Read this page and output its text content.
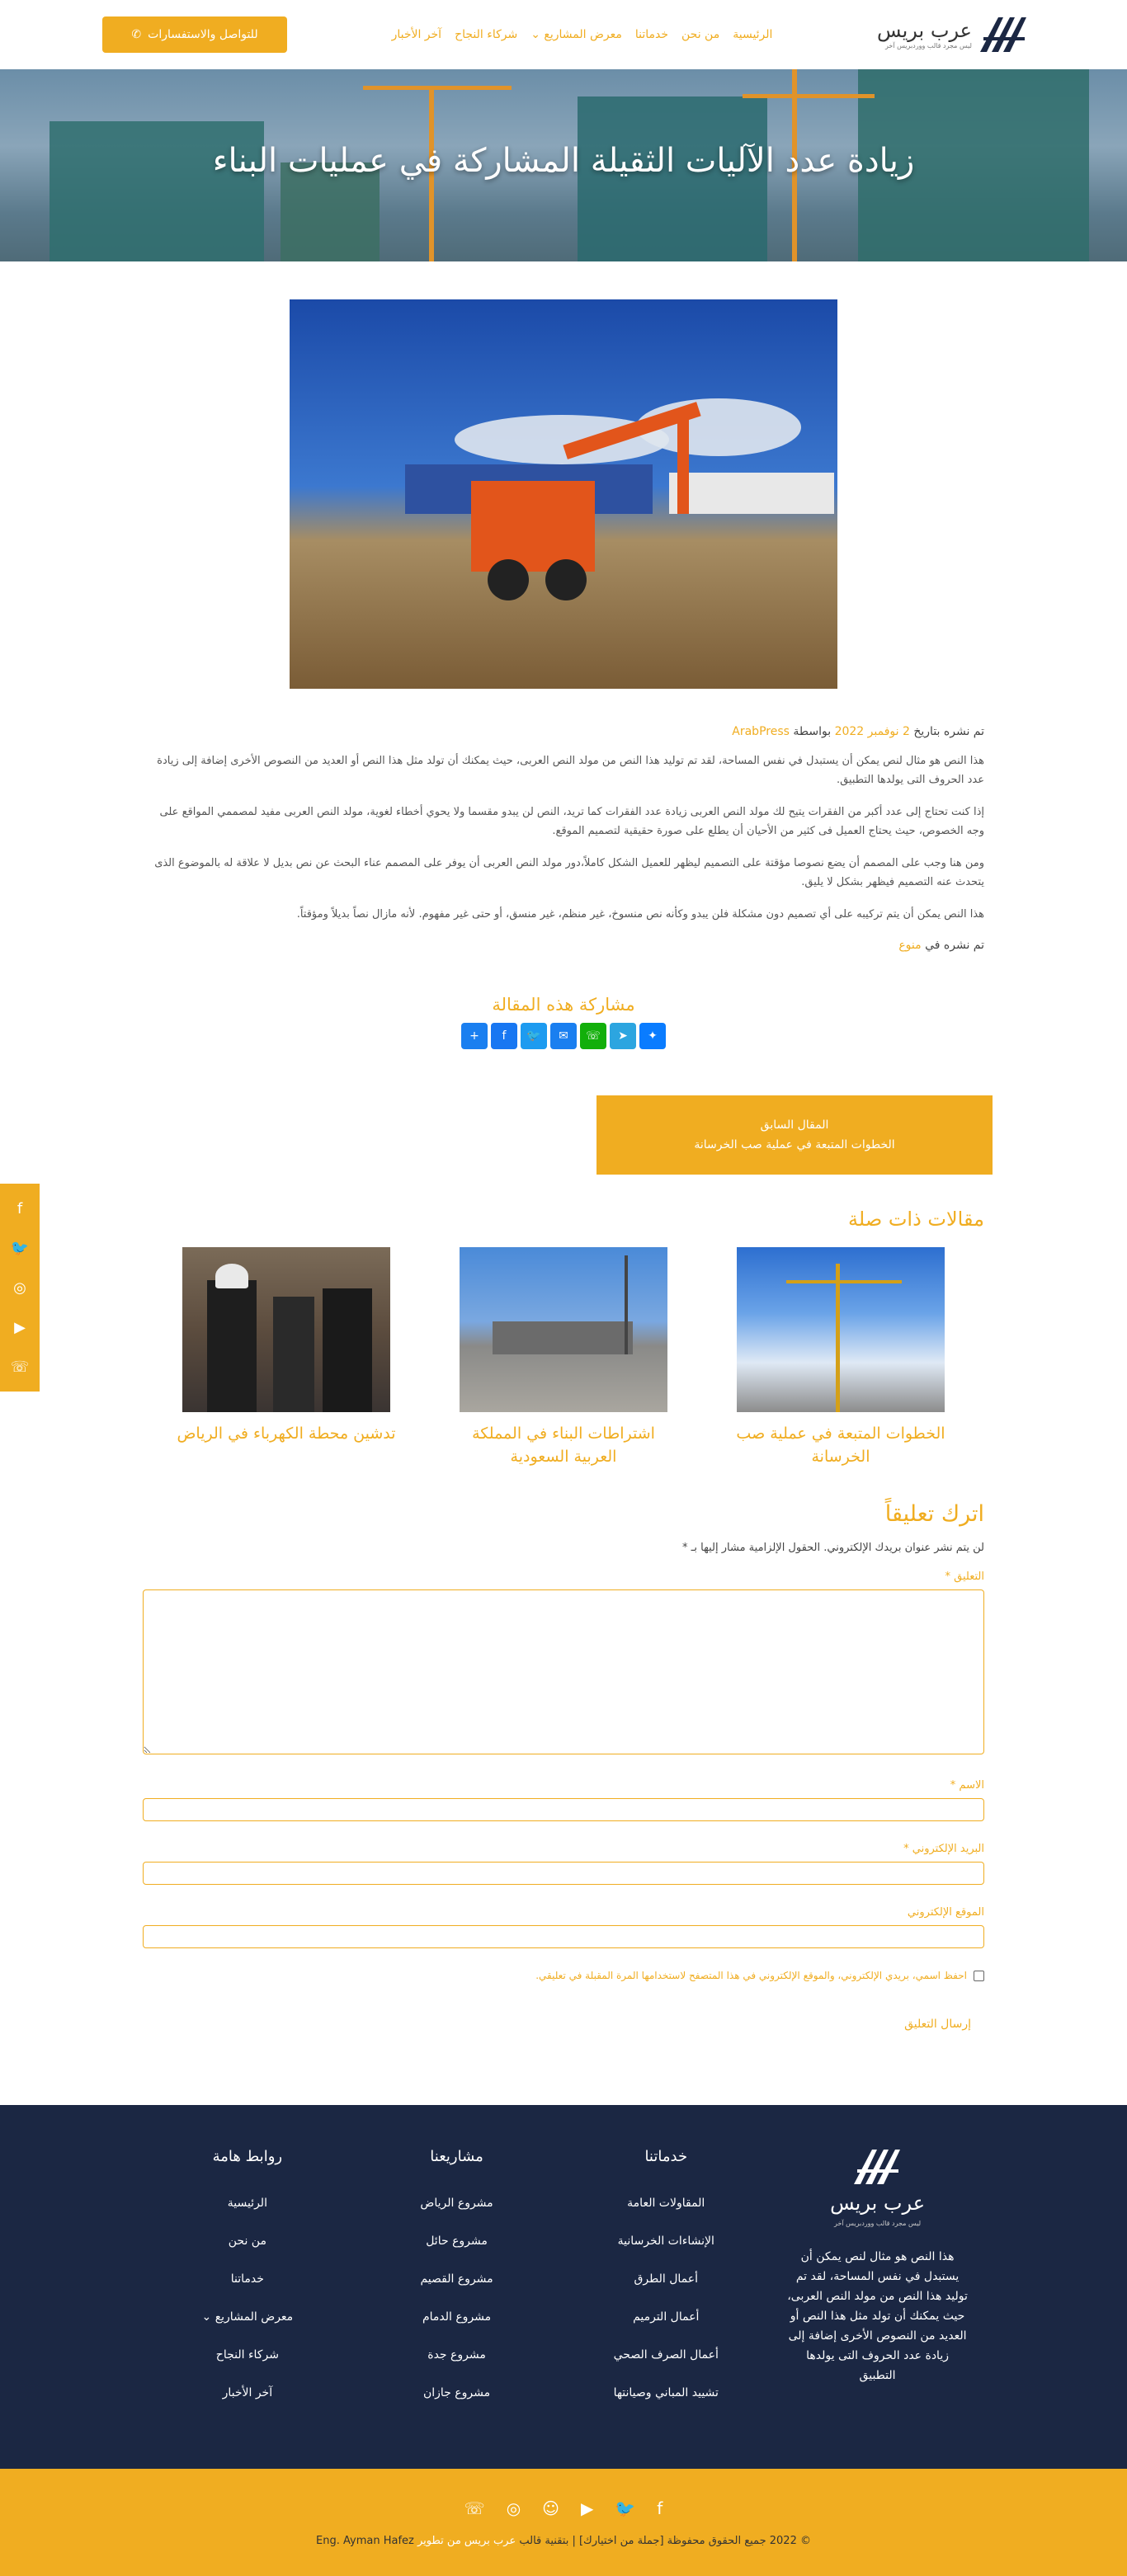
✆ للتواصل والاستفسارات	الرئيسية
من نحن
خدماتنا
معرض المشاريع ⌄
شركاء النجاح
آخر الأخبار	عرب بريس
ليس مجرد قالب ووردبريس آخر
زيادة عدد الآليات الثقيلة المشاركة في عمليات البناء

تم نشره بتاريخ 2 نوفمبر 2022 بواسطة ArabPress

هذا النص هو مثال لنص يمكن أن يستبدل في نفس المساحة، لقد تم توليد هذا النص من مولد النص العربى، حيث يمكنك أن تولد مثل هذا النص أو العديد من النصوص الأخرى إضافة إلى زيادة عدد الحروف التى يولدها التطبيق.

إذا كنت تحتاج إلى عدد أكبر من الفقرات يتيح لك مولد النص العربى زيادة عدد الفقرات كما تريد، النص لن يبدو مقسما ولا يحوي أخطاء لغوية، مولد النص العربى مفيد لمصممي المواقع على وجه الخصوص، حيث يحتاج العميل فى كثير من الأحيان أن يطلع على صورة حقيقية لتصميم الموقع.

ومن هنا وجب على المصمم أن يضع نصوصا مؤقتة على التصميم ليظهر للعميل الشكل كاملاً،دور مولد النص العربى أن يوفر على المصمم عناء البحث عن نص بديل لا علاقة له بالموضوع الذى يتحدث عنه التصميم فيظهر بشكل لا يليق.

هذا النص يمكن أن يتم تركيبه على أي تصميم دون مشكلة فلن يبدو وكأنه نص منسوخ، غير منظم، غير منسق، أو حتى غير مفهوم. لأنه مازال نصاً بديلاً ومؤقتاً.

تم نشره في منوع

مشاركة هذه المقالة
+	f	🐦	✉	☏	➤	✦
المقال السابق
الخطوات المتبعة في عملية صب الخرسانة
مقالات ذات صلة
الخطوات المتبعة في عملية صب الخرسانة
اشتراطات البناء في المملكة العربية السعودية
تدشين محطة الكهرباء في الرياض
اترك تعليقاً

لن يتم نشر عنوان بريدك الإلكتروني. الحقول الإلزامية مشار إليها بـ *

التعليق *
الاسم *
البريد الإلكتروني *
الموقع الإلكتروني
احفظ اسمي، بريدي الإلكتروني، والموقع الإلكتروني في هذا المتصفح لاستخدامها المرة المقبلة في تعليقي.
إرسال التعليق
f
🐦
◎
▶
☏
عرب بريس
ليس مجرد قالب ووردبريس آخر

هذا النص هو مثال لنص يمكن أن يستبدل في نفس المساحة، لقد تم توليد هذا النص من مولد النص العربى، حيث يمكنك أن تولد مثل هذا النص أو العديد من النصوص الأخرى إضافة إلى زيادة عدد الحروف التى يولدها التطبيق

خدماتنا

المقاولات العامة

الإنشاءات الخرسانية

أعمال الطرق

أعمال الترميم

أعمال الصرف الصحي

تشييد المباني وصيانتها

مشاريعنا

مشروع الرياض

مشروع حائل

مشروع القصيم

مشروع الدمام

مشروع جدة

مشروع جازان

روابط هامة

الرئيسية

من نحن

خدماتنا

معرض المشاريع ⌄

شركاء النجاح

آخر الأخبار

☏ ◎ ☺ ▶ 🐦 f
© 2022 جميع الحقوق محفوظة [جملة من اختيارك] | بتقنية قالب عرب بريس من تطوير Eng. Ayman Hafez
